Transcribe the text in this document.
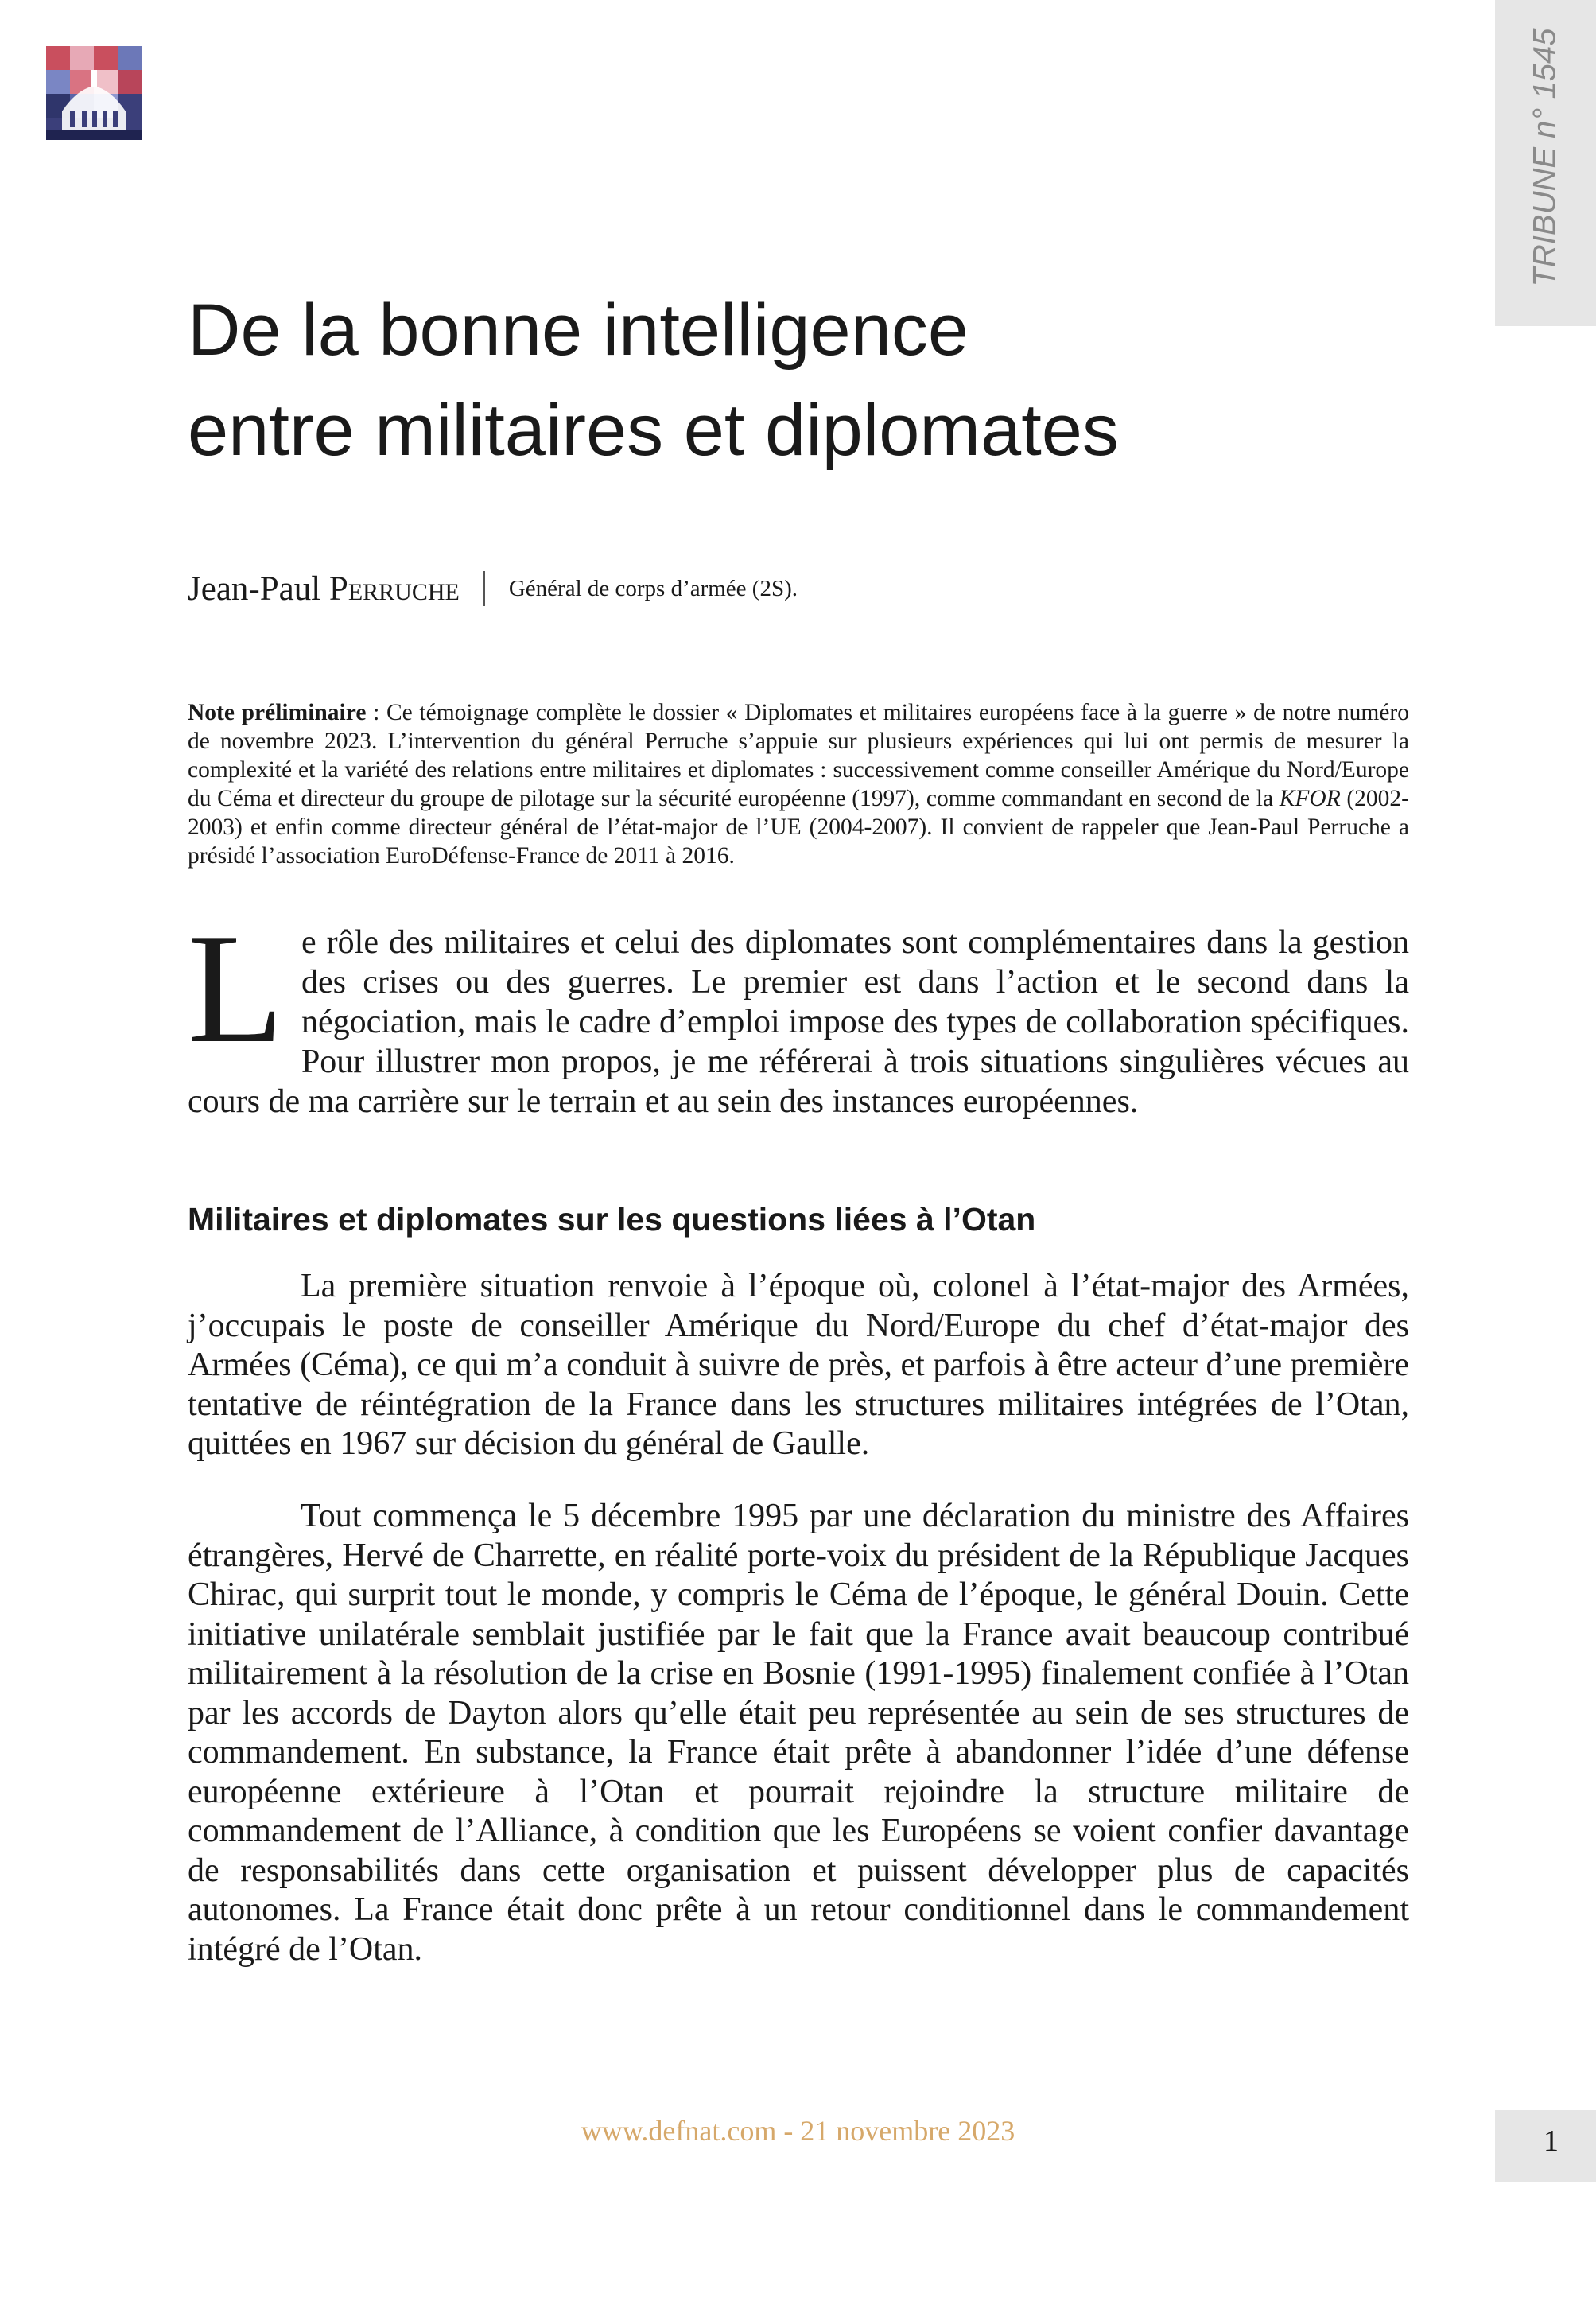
TRIBUNE n° 1545
De la bonne intelligence
entre militaires et diplomates
Jean-Paul Perruche Général de corps d’armée (2S).

Note préliminaire : Ce témoignage complète le dossier « Diplomates et militaires européens face à la guerre » de notre numéro de novembre 2023. L’intervention du général Perruche s’appuie sur plusieurs expériences qui lui ont permis de mesurer la complexité et la variété des relations entre militaires et diplomates : successivement comme conseiller Amérique du Nord/Europe du Céma et directeur du groupe de pilotage sur la sécurité européenne (1997), comme commandant en second de la KFOR (2002-2003) et enfin comme directeur général de l’état-major de l’UE (2004-2007). Il convient de rappeler que Jean-Paul Perruche a présidé l’association EuroDéfense-France de 2011 à 2016.

Le rôle des militaires et celui des diplomates sont complémentaires dans la gestion des crises ou des guerres. Le premier est dans l’action et le second dans la négociation, mais le cadre d’emploi impose des types de collaboration spécifiques. Pour illustrer mon propos, je me référerai à trois situations singulières vécues au cours de ma carrière sur le terrain et au sein des instances européennes.

Militaires et diplomates sur les questions liées à l’Otan

La première situation renvoie à l’époque où, colonel à l’état-major des Armées, j’occupais le poste de conseiller Amérique du Nord/Europe du chef d’état-major des Armées (Céma), ce qui m’a conduit à suivre de près, et parfois à être acteur d’une première tentative de réintégration de la France dans les structures militaires intégrées de l’Otan, quittées en 1967 sur décision du général de Gaulle.

Tout commença le 5 décembre 1995 par une déclaration du ministre des Affaires étrangères, Hervé de Charrette, en réalité porte-voix du président de la République Jacques Chirac, qui surprit tout le monde, y compris le Céma de l’époque, le général Douin. Cette initiative unilatérale semblait justifiée par le fait que la France avait beaucoup contribué militairement à la résolution de la crise en Bosnie (1991-1995) finalement confiée à l’Otan par les accords de Dayton alors qu’elle était peu représentée au sein de ses structures de commandement. En substance, la France était prête à abandonner l’idée d’une défense européenne extérieure à l’Otan et pourrait rejoindre la structure militaire de commandement de l’Alliance, à condition que les Européens se voient confier davantage de responsabilités dans cette organisation et puissent développer plus de capacités autonomes. La France était donc prête à un retour conditionnel dans le commandement intégré de l’Otan.

www.defnat.com - 21 novembre 2023	1
